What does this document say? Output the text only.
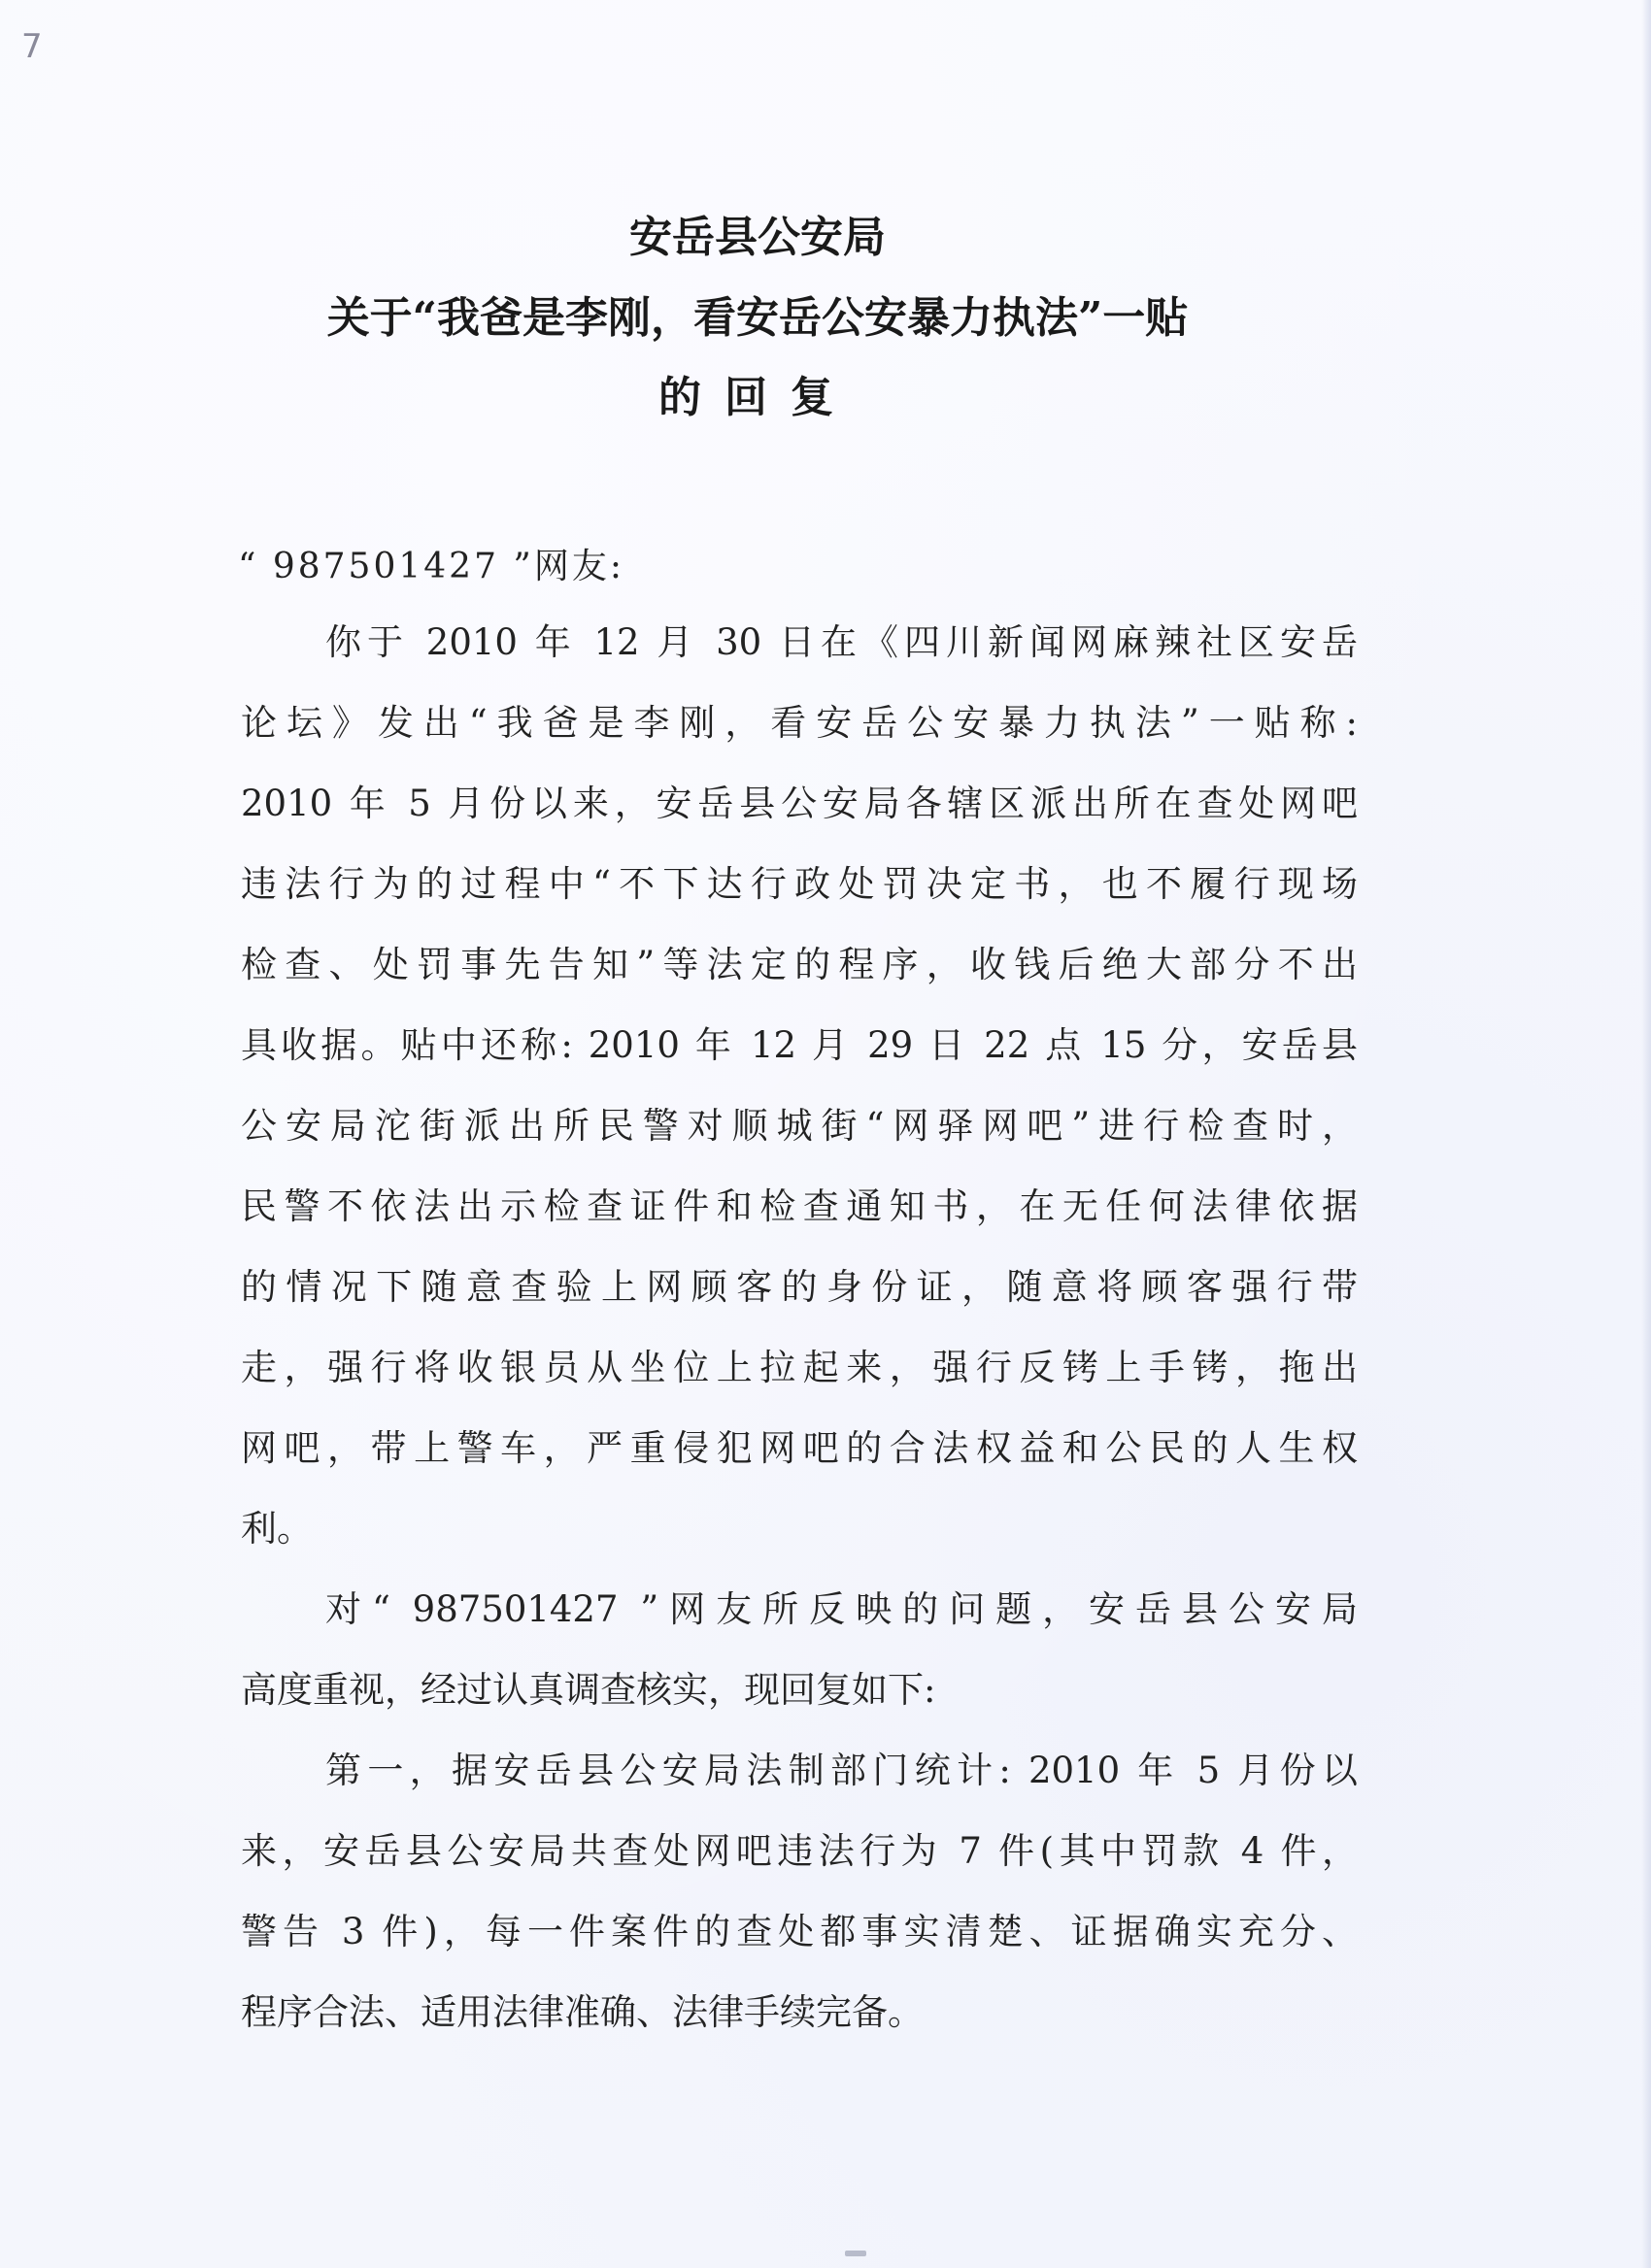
7
安岳县公安局
关于“我爸是李刚，看安岳公安暴力执法”一贴
的回复
“ 987501427 ”网友:
你于 2010 年 12 月 30 日在《四川新闻网麻辣社区安岳
论坛》发出“我爸是李刚，看安岳公安暴力执法”一贴称:
2010 年 5 月份以来，安岳县公安局各辖区派出所在查处网吧
违法行为的过程中“不下达行政处罚决定书，也不履行现场
检查、处罚事先告知”等法定的程序，收钱后绝大部分不出
具收据。贴中还称: 2010 年 12 月 29 日 22 点 15 分，安岳县
公安局沱街派出所民警对顺城街“网驿网吧”进行检查时，
民警不依法出示检查证件和检查通知书，在无任何法律依据
的情况下随意查验上网顾客的身份证，随意将顾客强行带
走，强行将收银员从坐位上拉起来，强行反铐上手铐，拖出
网吧，带上警车，严重侵犯网吧的合法权益和公民的人生权
利。
对“ 987501427 ”网友所反映的问题，安岳县公安局
高度重视，经过认真调查核实，现回复如下:
第一，据安岳县公安局法制部门统计: 2010 年 5 月份以
来，安岳县公安局共查处网吧违法行为 7 件(其中罚款 4 件，
警告 3 件)，每一件案件的查处都事实清楚、证据确实充分、
程序合法、适用法律准确、法律手续完备。
